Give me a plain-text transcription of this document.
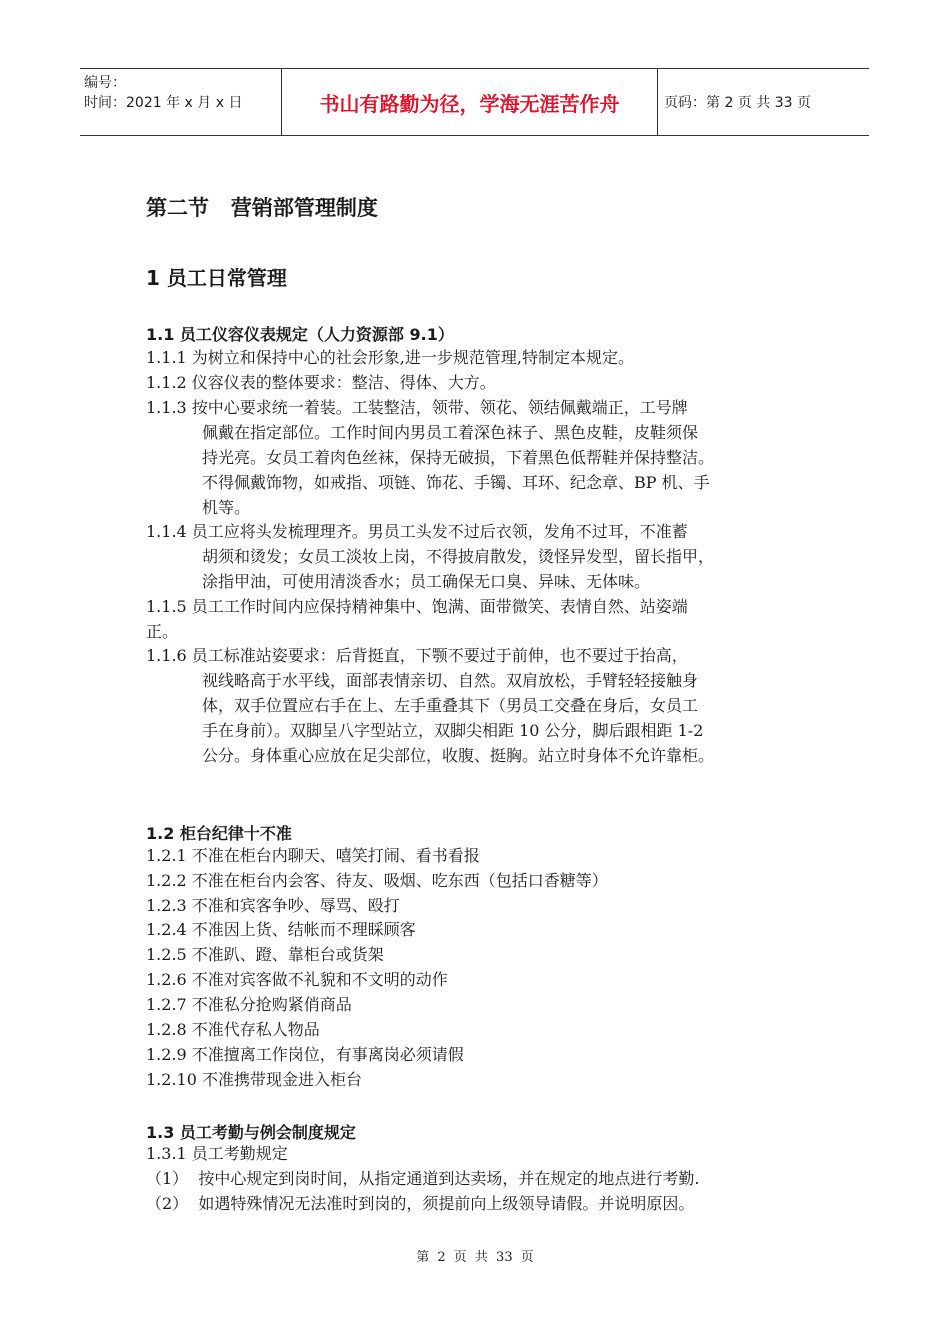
编号：
时间：2021 年 x 月 x 日	书山有路勤为径，学海无涯苦作舟	页码：第 2 页 共 33 页
第二节   营销部管理制度
1 员工日常管理
1.1 员工仪容仪表规定（人力资源部 9.1）
1.1.1 为树立和保持中心的社会形象,进一步规范管理,特制定本规定。
1.1.2 仪容仪表的整体要求：整洁、得体、大方。
1.1.3 按中心要求统一着装。工装整洁，领带、领花、领结佩戴端正，工号牌
佩戴在指定部位。工作时间内男员工着深色袜子、黑色皮鞋，皮鞋须保
持光亮。女员工着肉色丝袜，保持无破损，下着黑色低帮鞋并保持整洁。
不得佩戴饰物，如戒指、项链、饰花、手镯、耳环、纪念章、BP 机、手
机等。
1.1.4 员工应将头发梳理理齐。男员工头发不过后衣领，发角不过耳，不准蓄
胡须和烫发；女员工淡妆上岗，不得披肩散发，烫怪异发型，留长指甲，
涂指甲油，可使用清淡香水；员工确保无口臭、异味、无体味。
1.1.5 员工工作时间内应保持精神集中、饱满、面带微笑、表情自然、站姿端
正。
1.1.6 员工标准站姿要求：后背挺直，下颚不要过于前伸，也不要过于抬高，
视线略高于水平线，面部表情亲切、自然。双肩放松，手臂轻轻接触身
体，双手位置应右手在上、左手重叠其下（男员工交叠在身后，女员工
手在身前）。双脚呈八字型站立，双脚尖相距 10 公分，脚后跟相距 1-2
公分。身体重心应放在足尖部位，收腹、挺胸。站立时身体不允许靠柜。
1.2 柜台纪律十不准
1.2.1 不准在柜台内聊天、嘻笑打闹、看书看报
1.2.2 不准在柜台内会客、待友、吸烟、吃东西（包括口香糖等）
1.2.3 不准和宾客争吵、辱骂、殴打
1.2.4 不准因上货、结帐而不理睬顾客
1.2.5 不准趴、蹬、靠柜台或货架
1.2.6 不准对宾客做不礼貌和不文明的动作
1.2.7 不准私分抢购紧俏商品
1.2.8 不准代存私人物品
1.2.9 不准擅离工作岗位，有事离岗必须请假
1.2.10 不准携带现金进入柜台
1.3 员工考勤与例会制度规定
1.3.1 员工考勤规定
（1）  按中心规定到岗时间，从指定通道到达卖场，并在规定的地点进行考勤.
（2）  如遇特殊情况无法准时到岗的，须提前向上级领导请假。并说明原因。
第 2 页 共 33 页
